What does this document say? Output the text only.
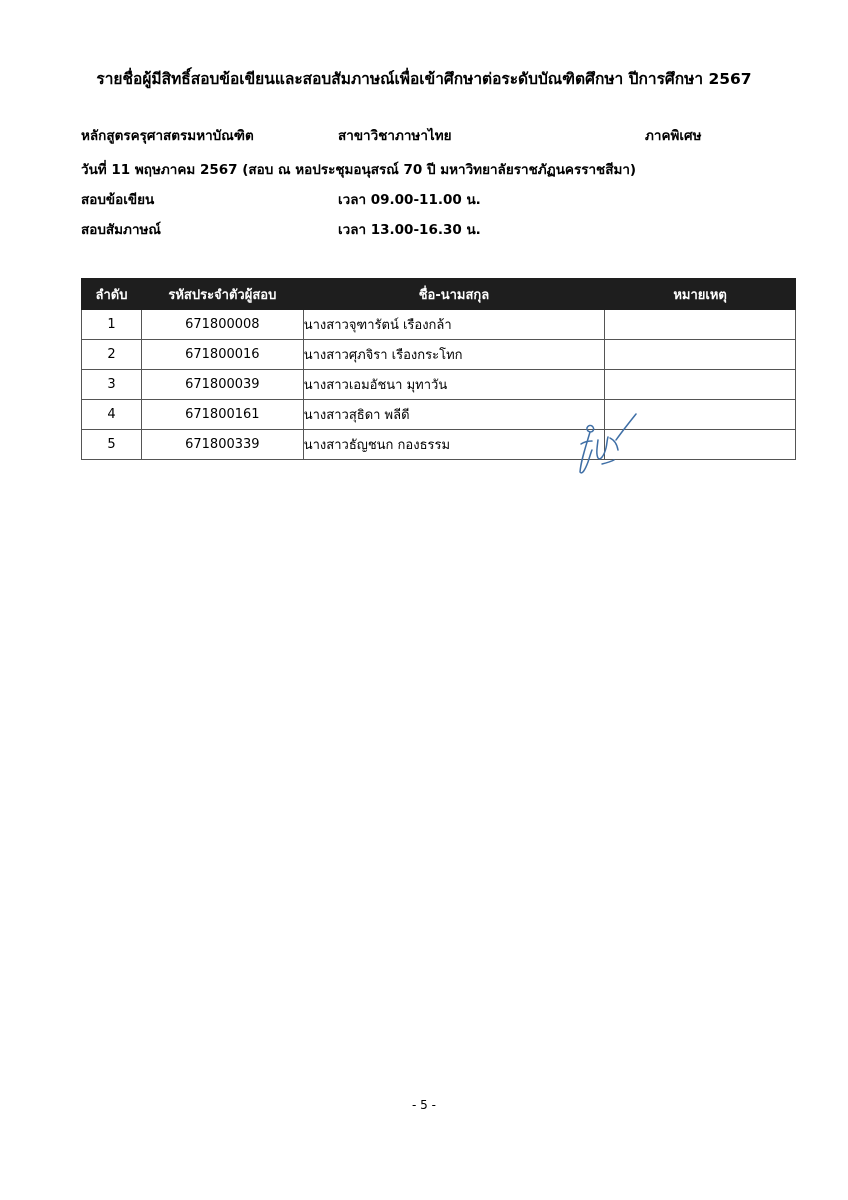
รายชื่อผู้มีสิทธิ์สอบข้อเขียนและสอบสัมภาษณ์เพื่อเข้าศึกษาต่อระดับบัณฑิตศึกษา ปีการศึกษา 2567
หลักสูตรครุศาสตรมหาบัณฑิต	สาขาวิชาภาษาไทย	ภาคพิเศษ
วันที่ 11 พฤษภาคม 2567 (สอบ ณ หอประชุมอนุสรณ์ 70 ปี มหาวิทยาลัยราชภัฏนครราชสีมา)
สอบข้อเขียน	เวลา 09.00-11.00 น.
สอบสัมภาษณ์	เวลา 13.00-16.30 น.
ลำดับ	รหัสประจำตัวผู้สอบ	ชื่อ-นามสกุล	หมายเหตุ
1	671800008	นางสาวจุฑารัตน์ เรืองกล้า	
2	671800016	นางสาวศุภจิรา เรืองกระโทก	
3	671800039	นางสาวเอมอัชนา มุทาวัน	
4	671800161	นางสาวสุธิดา พลีดี	
5	671800339	นางสาวธัญชนก กองธรรม	
- 5 -
